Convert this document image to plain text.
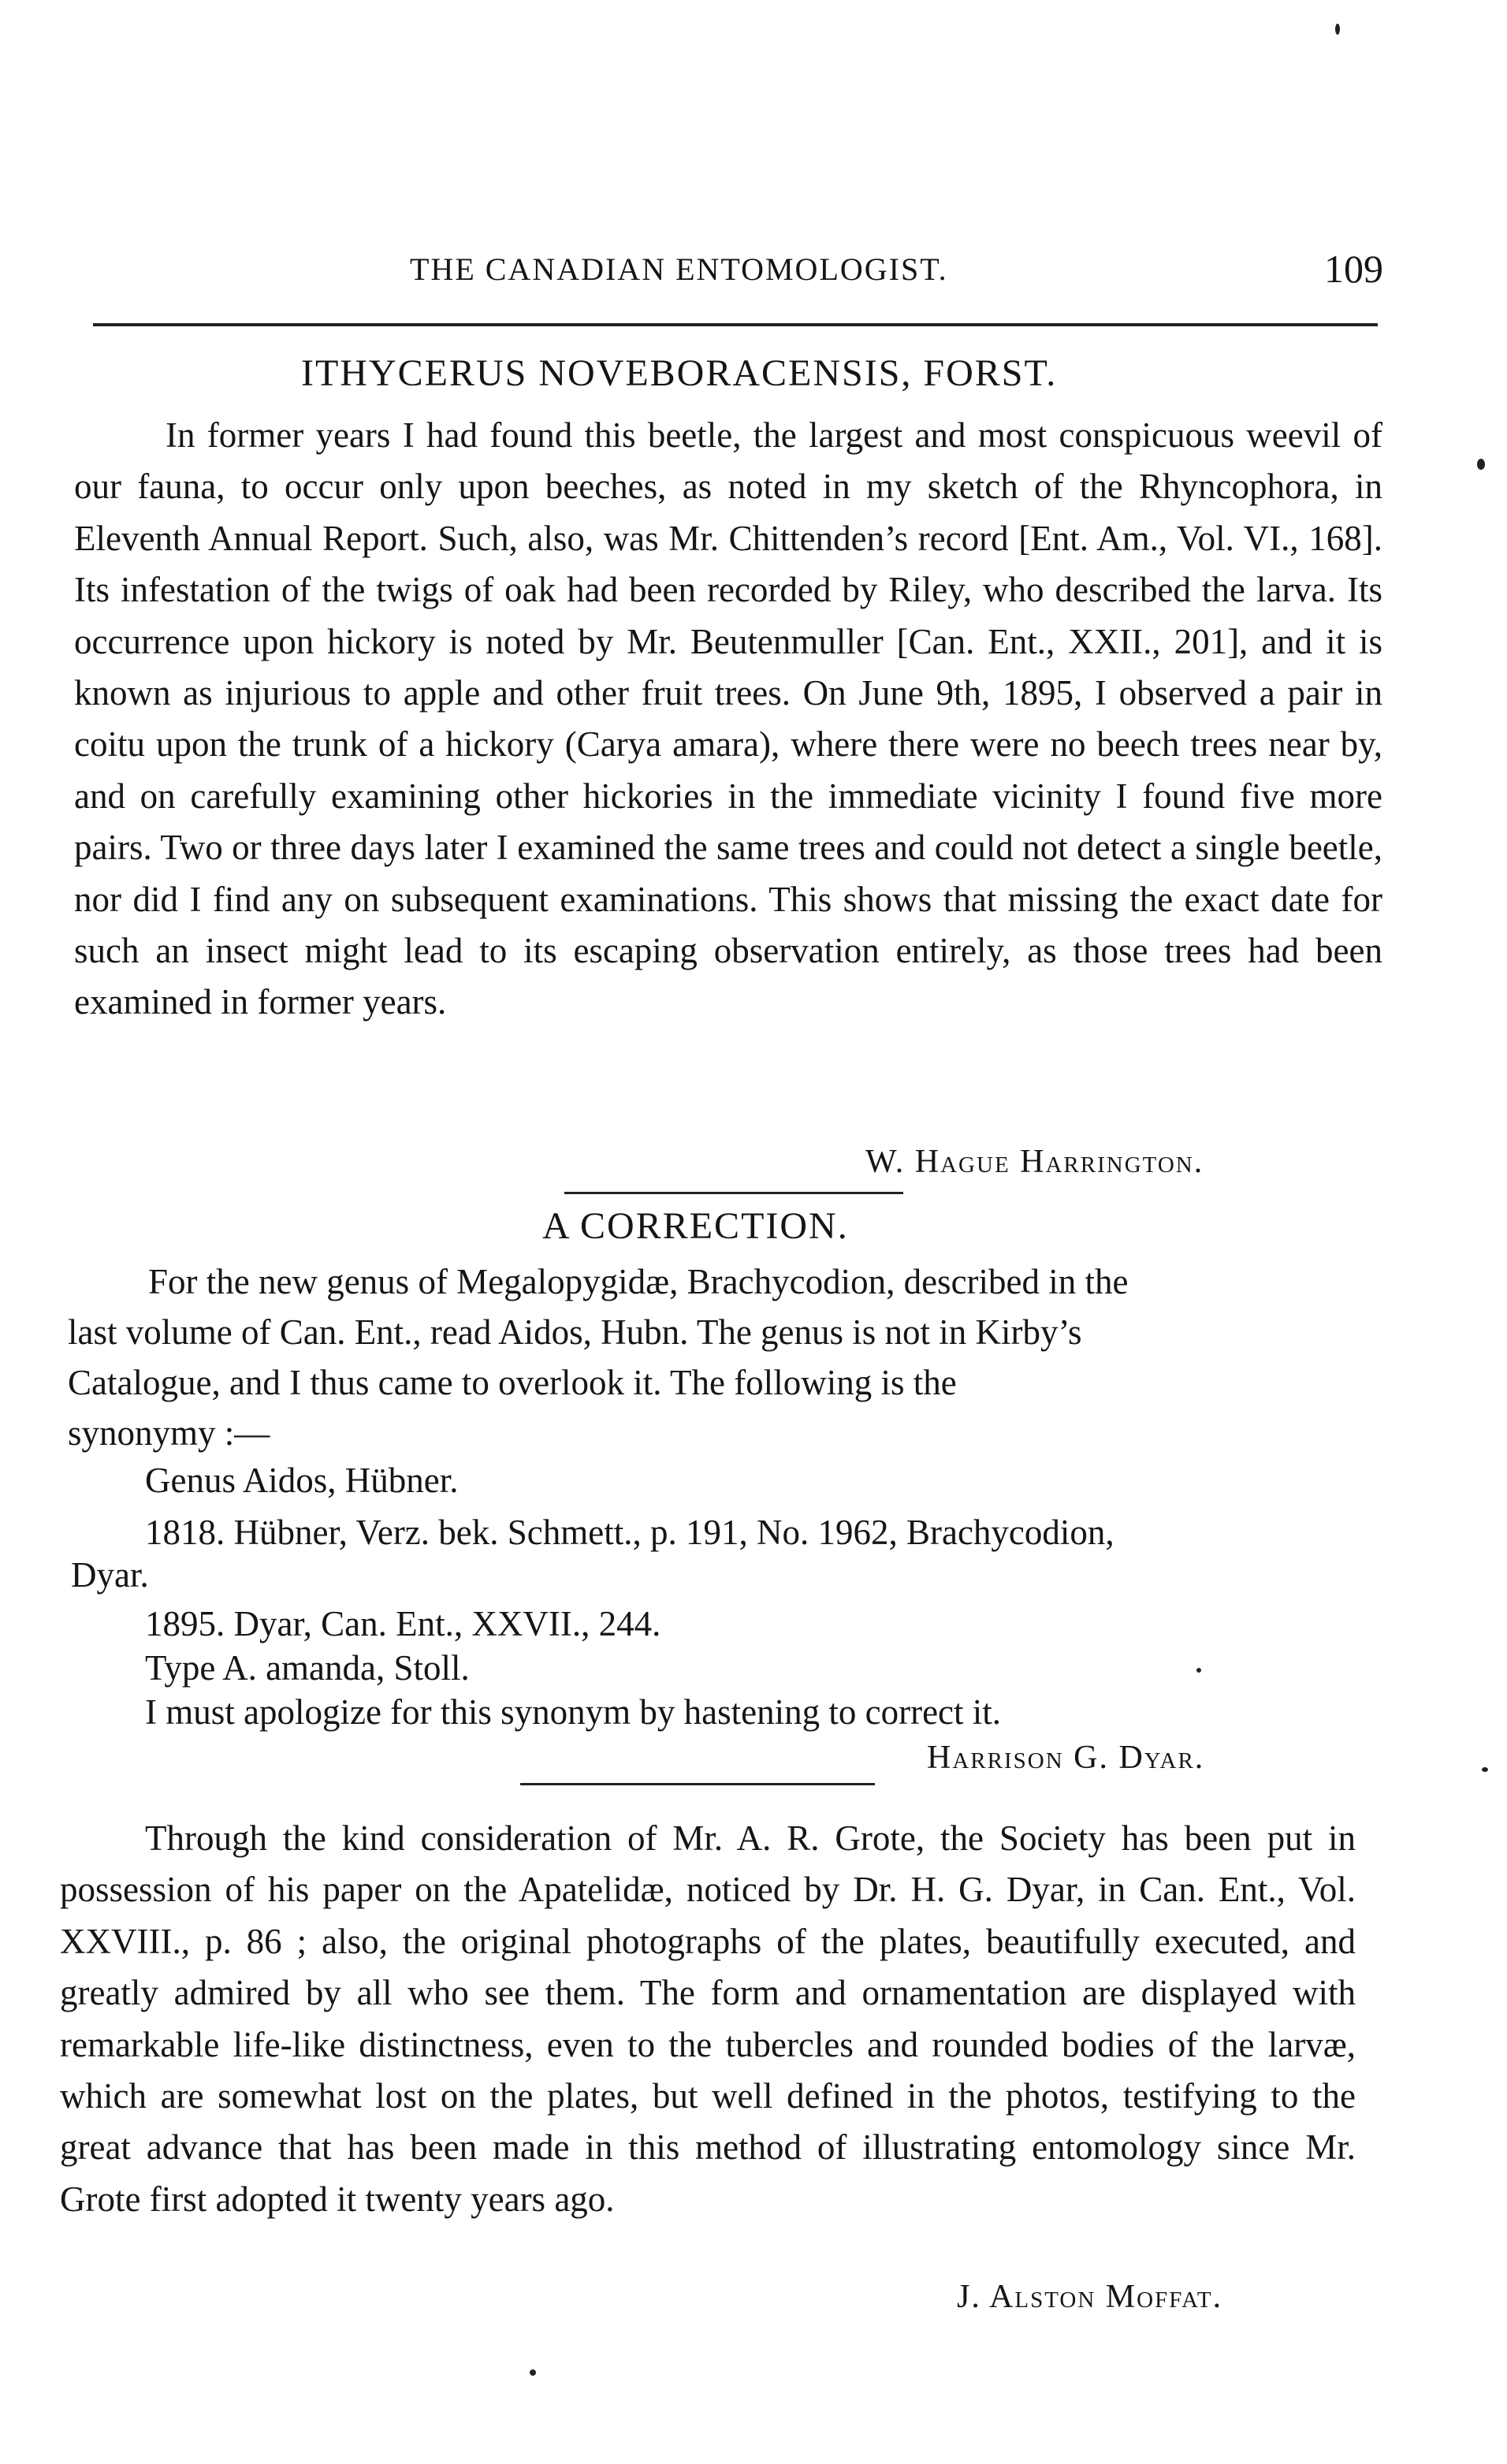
THE CANADIAN ENTOMOLOGIST.	109
ITHYCERUS NOVEBORACENSIS, FORST.
In former years I had found this beetle, the largest and most conspicuous weevil of our fauna, to occur only upon beeches, as noted in my sketch of the Rhyncophora, in Eleventh Annual Report. Such, also, was Mr. Chittenden’s record [Ent. Am., Vol. VI., 168]. Its infestation of the twigs of oak had been recorded by Riley, who described the larva. Its occurrence upon hickory is noted by Mr. Beutenmuller [Can. Ent., XXII., 201], and it is known as injurious to apple and other fruit trees. On June 9th, 1895, I observed a pair in coitu upon the trunk of a hickory (Carya amara), where there were no beech trees near by, and on carefully examining other hickories in the immediate vicinity I found five more pairs. Two or three days later I examined the same trees and could not detect a single beetle, nor did I find any on subsequent examinations. This shows that missing the exact date for such an insect might lead to its escaping observation entirely, as those trees had been examined in former years.
W. Hague Harrington.
A CORRECTION.
For the new genus of Megalopygidæ, Brachycodion, described in the
last volume of Can. Ent., read Aidos, Hubn. The genus is not in Kirby’s
Catalogue, and I thus came to overlook it. The following is the
synonymy :—
Genus Aidos, Hübner.
1818. Hübner, Verz. bek. Schmett., p. 191, No. 1962, Brachycodion,
Dyar.
1895. Dyar, Can. Ent., XXVII., 244.
Type A. amanda, Stoll.
I must apologize for this synonym by hastening to correct it.
Harrison G. Dyar.
Through the kind consideration of Mr. A. R. Grote, the Society has been put in possession of his paper on the Apatelidæ, noticed by Dr. H. G. Dyar, in Can. Ent., Vol. XXVIII., p. 86 ; also, the original photographs of the plates, beautifully executed, and greatly admired by all who see them. The form and ornamentation are displayed with remarkable life-like distinctness, even to the tubercles and rounded bodies of the larvæ, which are somewhat lost on the plates, but well defined in the photos, testifying to the great advance that has been made in this method of illustrating entomology since Mr. Grote first adopted it twenty years ago.
J. Alston Moffat.
